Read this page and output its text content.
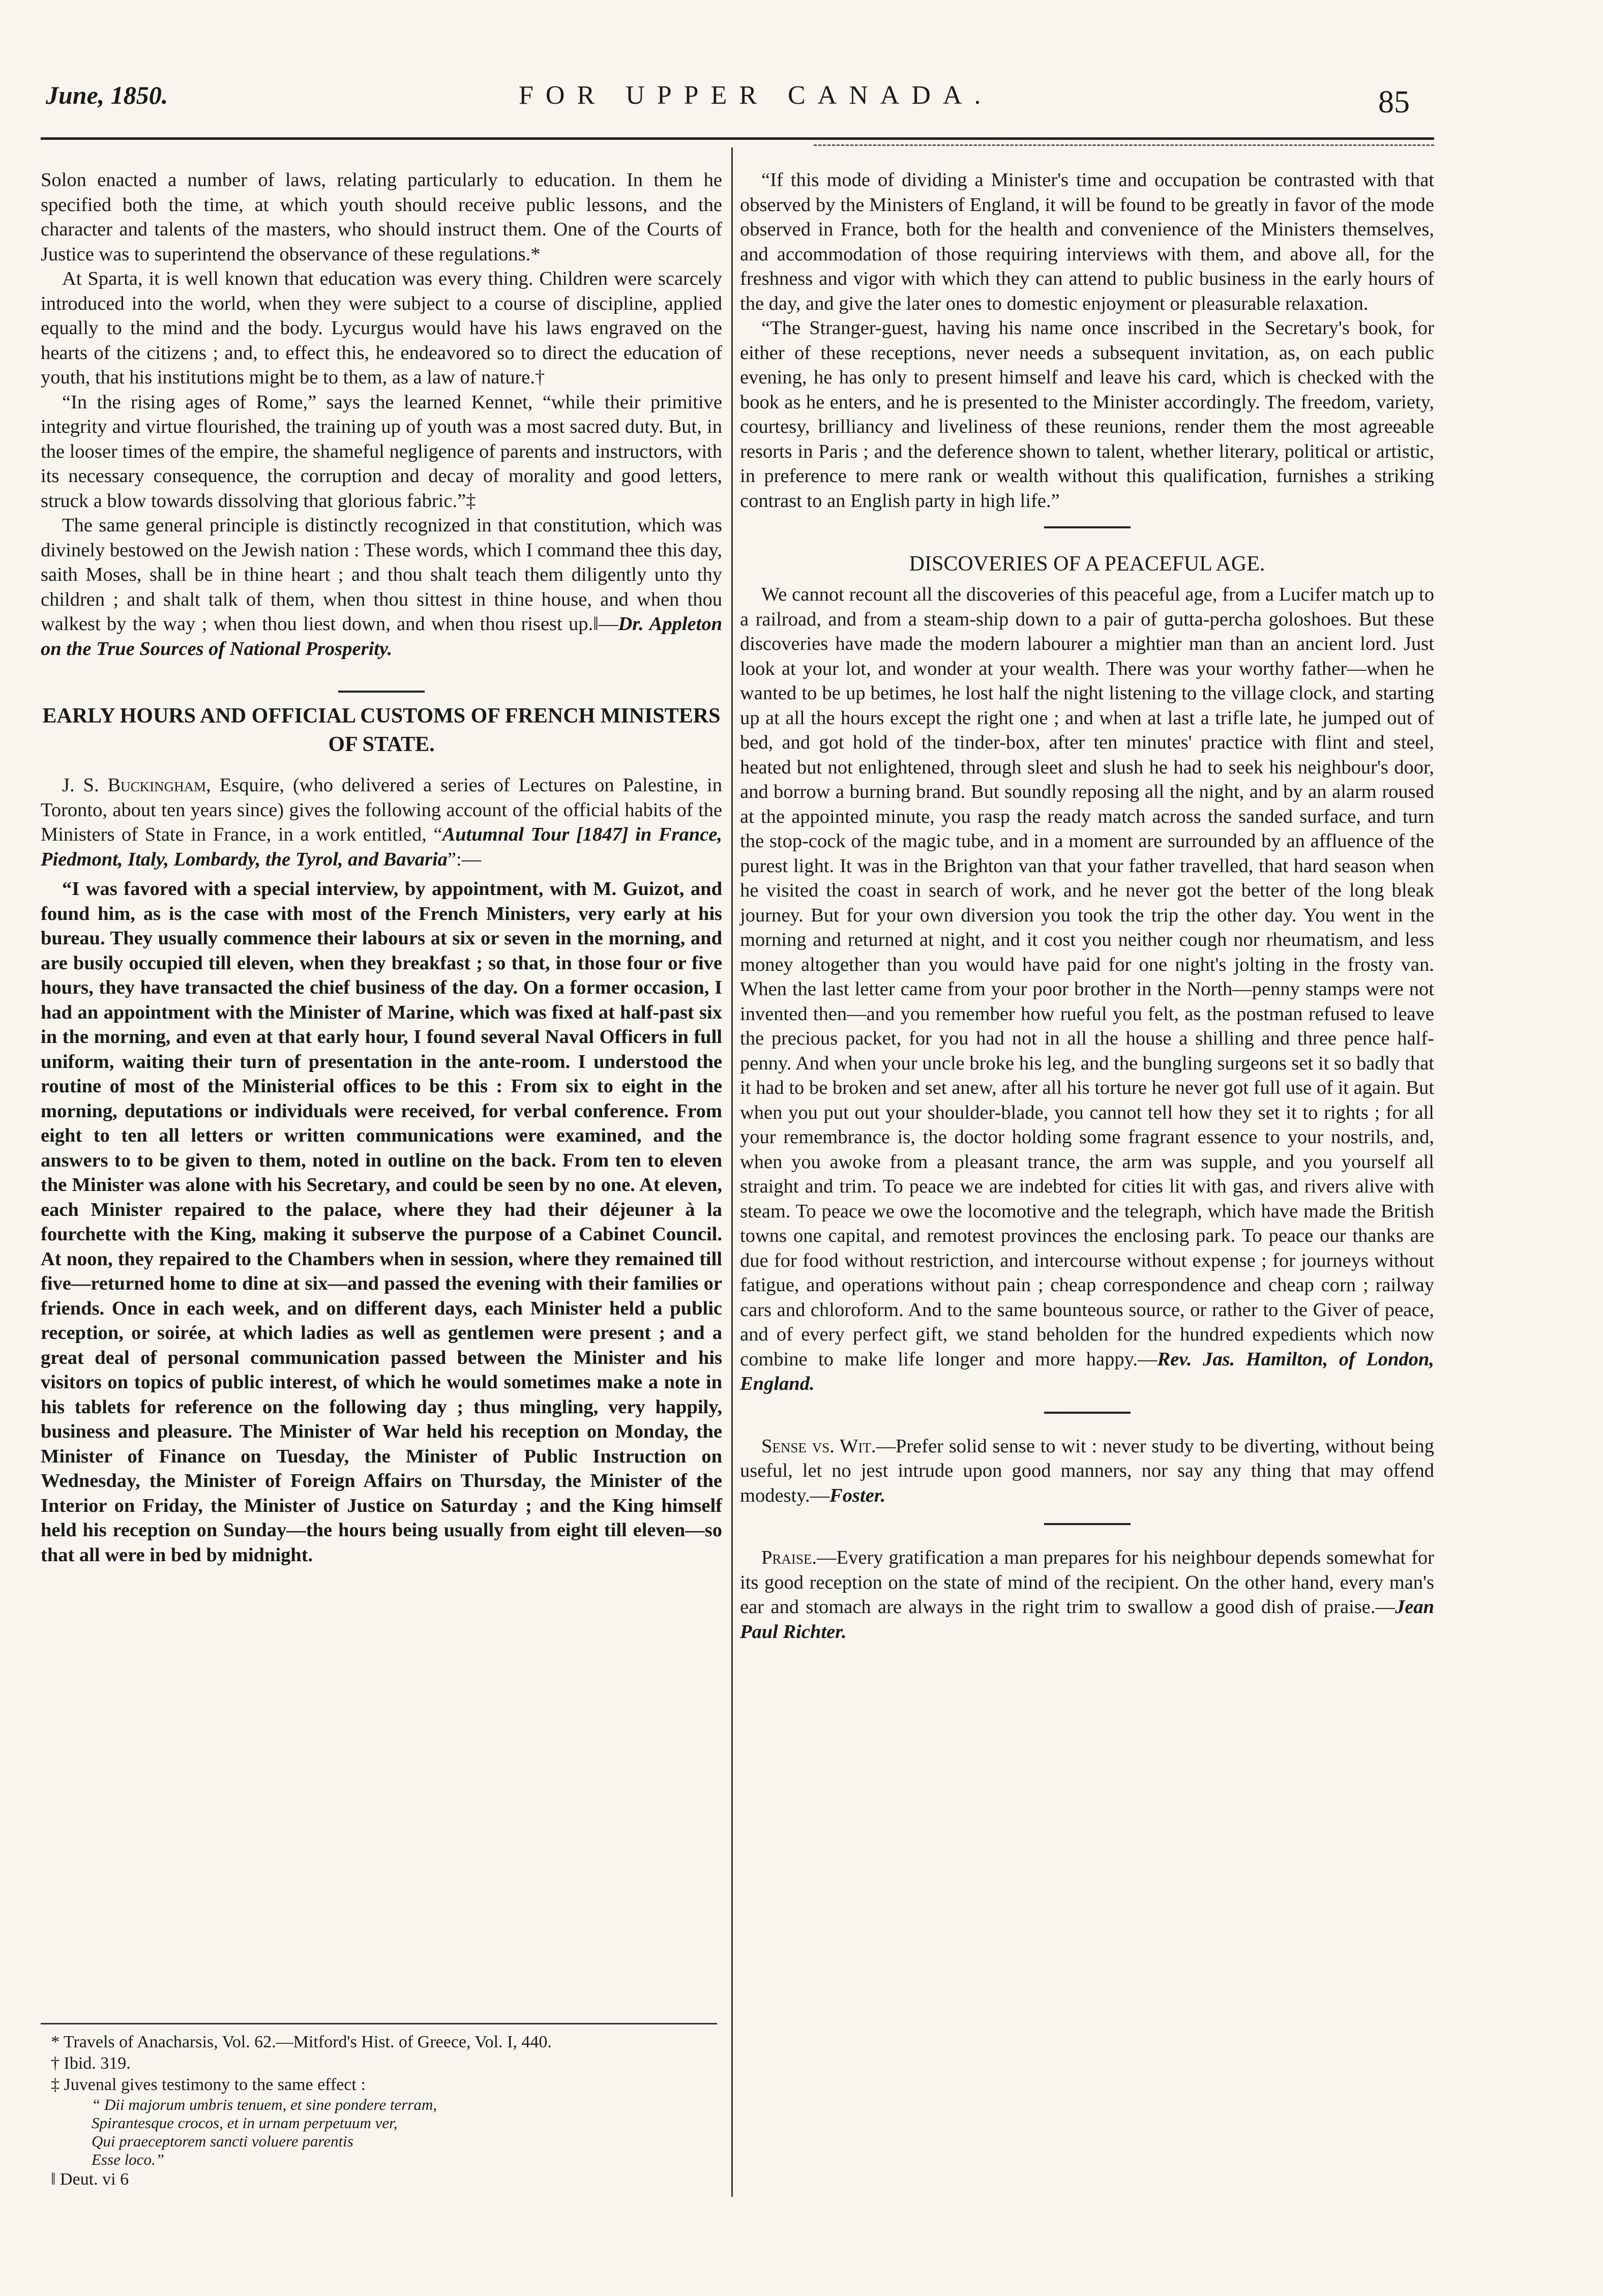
June, 1850.	FOR UPPER CANADA.	85

Solon enacted a number of laws, relating particularly to education. In them he specified both the time, at which youth should receive public lessons, and the character and talents of the masters, who should instruct them. One of the Courts of Justice was to superintend the observance of these regulations.*

At Sparta, it is well known that education was every thing. Children were scarcely introduced into the world, when they were subject to a course of discipline, applied equally to the mind and the body. Lycurgus would have his laws engraved on the hearts of the citizens ; and, to effect this, he endeavored so to direct the education of youth, that his institutions might be to them, as a law of nature.†

“In the rising ages of Rome,” says the learned Kennet, “while their primitive integrity and virtue flourished, the training up of youth was a most sacred duty. But, in the looser times of the empire, the shameful negligence of parents and instructors, with its necessary consequence, the corruption and decay of morality and good letters, struck a blow towards dissolving that glorious fabric.”‡

The same general principle is distinctly recognized in that constitution, which was divinely bestowed on the Jewish nation : These words, which I command thee this day, saith Moses, shall be in thine heart ; and thou shalt teach them diligently unto thy children ; and shalt talk of them, when thou sittest in thine house, and when thou walkest by the way ; when thou liest down, and when thou risest up.‖—Dr. Appleton on the True Sources of National Prosperity.

EARLY HOURS AND OFFICIAL CUSTOMS OF FRENCH MINISTERS OF STATE.

J. S. Buckingham, Esquire, (who delivered a series of Lectures on Palestine, in Toronto, about ten years since) gives the following account of the official habits of the Ministers of State in France, in a work entitled, “Autumnal Tour [1847] in France, Piedmont, Italy, Lombardy, the Tyrol, and Bavaria”:—

“I was favored with a special interview, by appointment, with M. Guizot, and found him, as is the case with most of the French Ministers, very early at his bureau. They usually commence their labours at six or seven in the morning, and are busily occupied till eleven, when they breakfast ; so that, in those four or five hours, they have transacted the chief business of the day. On a former occasion, I had an appointment with the Minister of Marine, which was fixed at half-past six in the morning, and even at that early hour, I found several Naval Officers in full uniform, waiting their turn of presentation in the ante-room. I understood the routine of most of the Ministerial offices to be this : From six to eight in the morning, deputations or individuals were received, for verbal conference. From eight to ten all letters or written communications were examined, and the answers to to be given to them, noted in outline on the back. From ten to eleven the Minister was alone with his Secretary, and could be seen by no one. At eleven, each Minister repaired to the palace, where they had their déjeuner à la fourchette with the King, making it subserve the purpose of a Cabinet Council. At noon, they repaired to the Chambers when in session, where they remained till five—returned home to dine at six—and passed the evening with their families or friends. Once in each week, and on different days, each Minister held a public reception, or soirée, at which ladies as well as gentlemen were present ; and a great deal of personal communication passed between the Minister and his visitors on topics of public interest, of which he would sometimes make a note in his tablets for reference on the following day ; thus mingling, very happily, business and pleasure. The Minister of War held his reception on Monday, the Minister of Finance on Tuesday, the Minister of Public Instruction on Wednesday, the Minister of Foreign Affairs on Thursday, the Minister of the Interior on Friday, the Minister of Justice on Saturday ; and the King himself held his reception on Sunday—the hours being usually from eight till eleven—so that all were in bed by midnight.

* Travels of Anacharsis, Vol. 62.—Mitford's Hist. of Greece, Vol. I, 440.

† Ibid. 319.

‡ Juvenal gives testimony to the same effect :

“ Dii majorum umbris tenuem, et sine pondere terram,

Spirantesque crocos, et in urnam perpetuum ver,

Qui praeceptorem sancti voluere parentis

Esse loco.”

‖ Deut. vi 6

“If this mode of dividing a Minister's time and occupation be contrasted with that observed by the Ministers of England, it will be found to be greatly in favor of the mode observed in France, both for the health and convenience of the Ministers themselves, and accommodation of those requiring interviews with them, and above all, for the freshness and vigor with which they can attend to public business in the early hours of the day, and give the later ones to domestic enjoyment or pleasurable relaxation.

“The Stranger-guest, having his name once inscribed in the Secretary's book, for either of these receptions, never needs a subsequent invitation, as, on each public evening, he has only to present himself and leave his card, which is checked with the book as he enters, and he is presented to the Minister accordingly. The freedom, variety, courtesy, brilliancy and liveliness of these reunions, render them the most agreeable resorts in Paris ; and the deference shown to talent, whether literary, political or artistic, in preference to mere rank or wealth without this qualification, furnishes a striking contrast to an English party in high life.”

DISCOVERIES OF A PEACEFUL AGE.

We cannot recount all the discoveries of this peaceful age, from a Lucifer match up to a railroad, and from a steam-ship down to a pair of gutta-percha goloshoes. But these discoveries have made the modern labourer a mightier man than an ancient lord. Just look at your lot, and wonder at your wealth. There was your worthy father—when he wanted to be up betimes, he lost half the night listening to the village clock, and starting up at all the hours except the right one ; and when at last a trifle late, he jumped out of bed, and got hold of the tinder-box, after ten minutes' practice with flint and steel, heated but not enlightened, through sleet and slush he had to seek his neighbour's door, and borrow a burning brand. But soundly reposing all the night, and by an alarm roused at the appointed minute, you rasp the ready match across the sanded surface, and turn the stop-cock of the magic tube, and in a moment are surrounded by an affluence of the purest light. It was in the Brighton van that your father travelled, that hard season when he visited the coast in search of work, and he never got the better of the long bleak journey. But for your own diversion you took the trip the other day. You went in the morning and returned at night, and it cost you neither cough nor rheumatism, and less money altogether than you would have paid for one night's jolting in the frosty van. When the last letter came from your poor brother in the North—penny stamps were not invented then—and you remember how rueful you felt, as the postman refused to leave the precious packet, for you had not in all the house a shilling and three pence half-penny. And when your uncle broke his leg, and the bungling surgeons set it so badly that it had to be broken and set anew, after all his torture he never got full use of it again. But when you put out your shoulder-blade, you cannot tell how they set it to rights ; for all your remembrance is, the doctor holding some fragrant essence to your nostrils, and, when you awoke from a pleasant trance, the arm was supple, and you yourself all straight and trim. To peace we are indebted for cities lit with gas, and rivers alive with steam. To peace we owe the locomotive and the telegraph, which have made the British towns one capital, and remotest provinces the enclosing park. To peace our thanks are due for food without restriction, and intercourse without expense ; for journeys without fatigue, and operations without pain ; cheap correspondence and cheap corn ; railway cars and chloroform. And to the same bounteous source, or rather to the Giver of peace, and of every perfect gift, we stand beholden for the hundred expedients which now combine to make life longer and more happy.—Rev. Jas. Hamilton, of London, England.

Sense vs. Wit.—Prefer solid sense to wit : never study to be diverting, without being useful, let no jest intrude upon good manners, nor say any thing that may offend modesty.—Foster.

Praise.—Every gratification a man prepares for his neighbour depends somewhat for its good reception on the state of mind of the recipient. On the other hand, every man's ear and stomach are always in the right trim to swallow a good dish of praise.—Jean Paul Richter.
